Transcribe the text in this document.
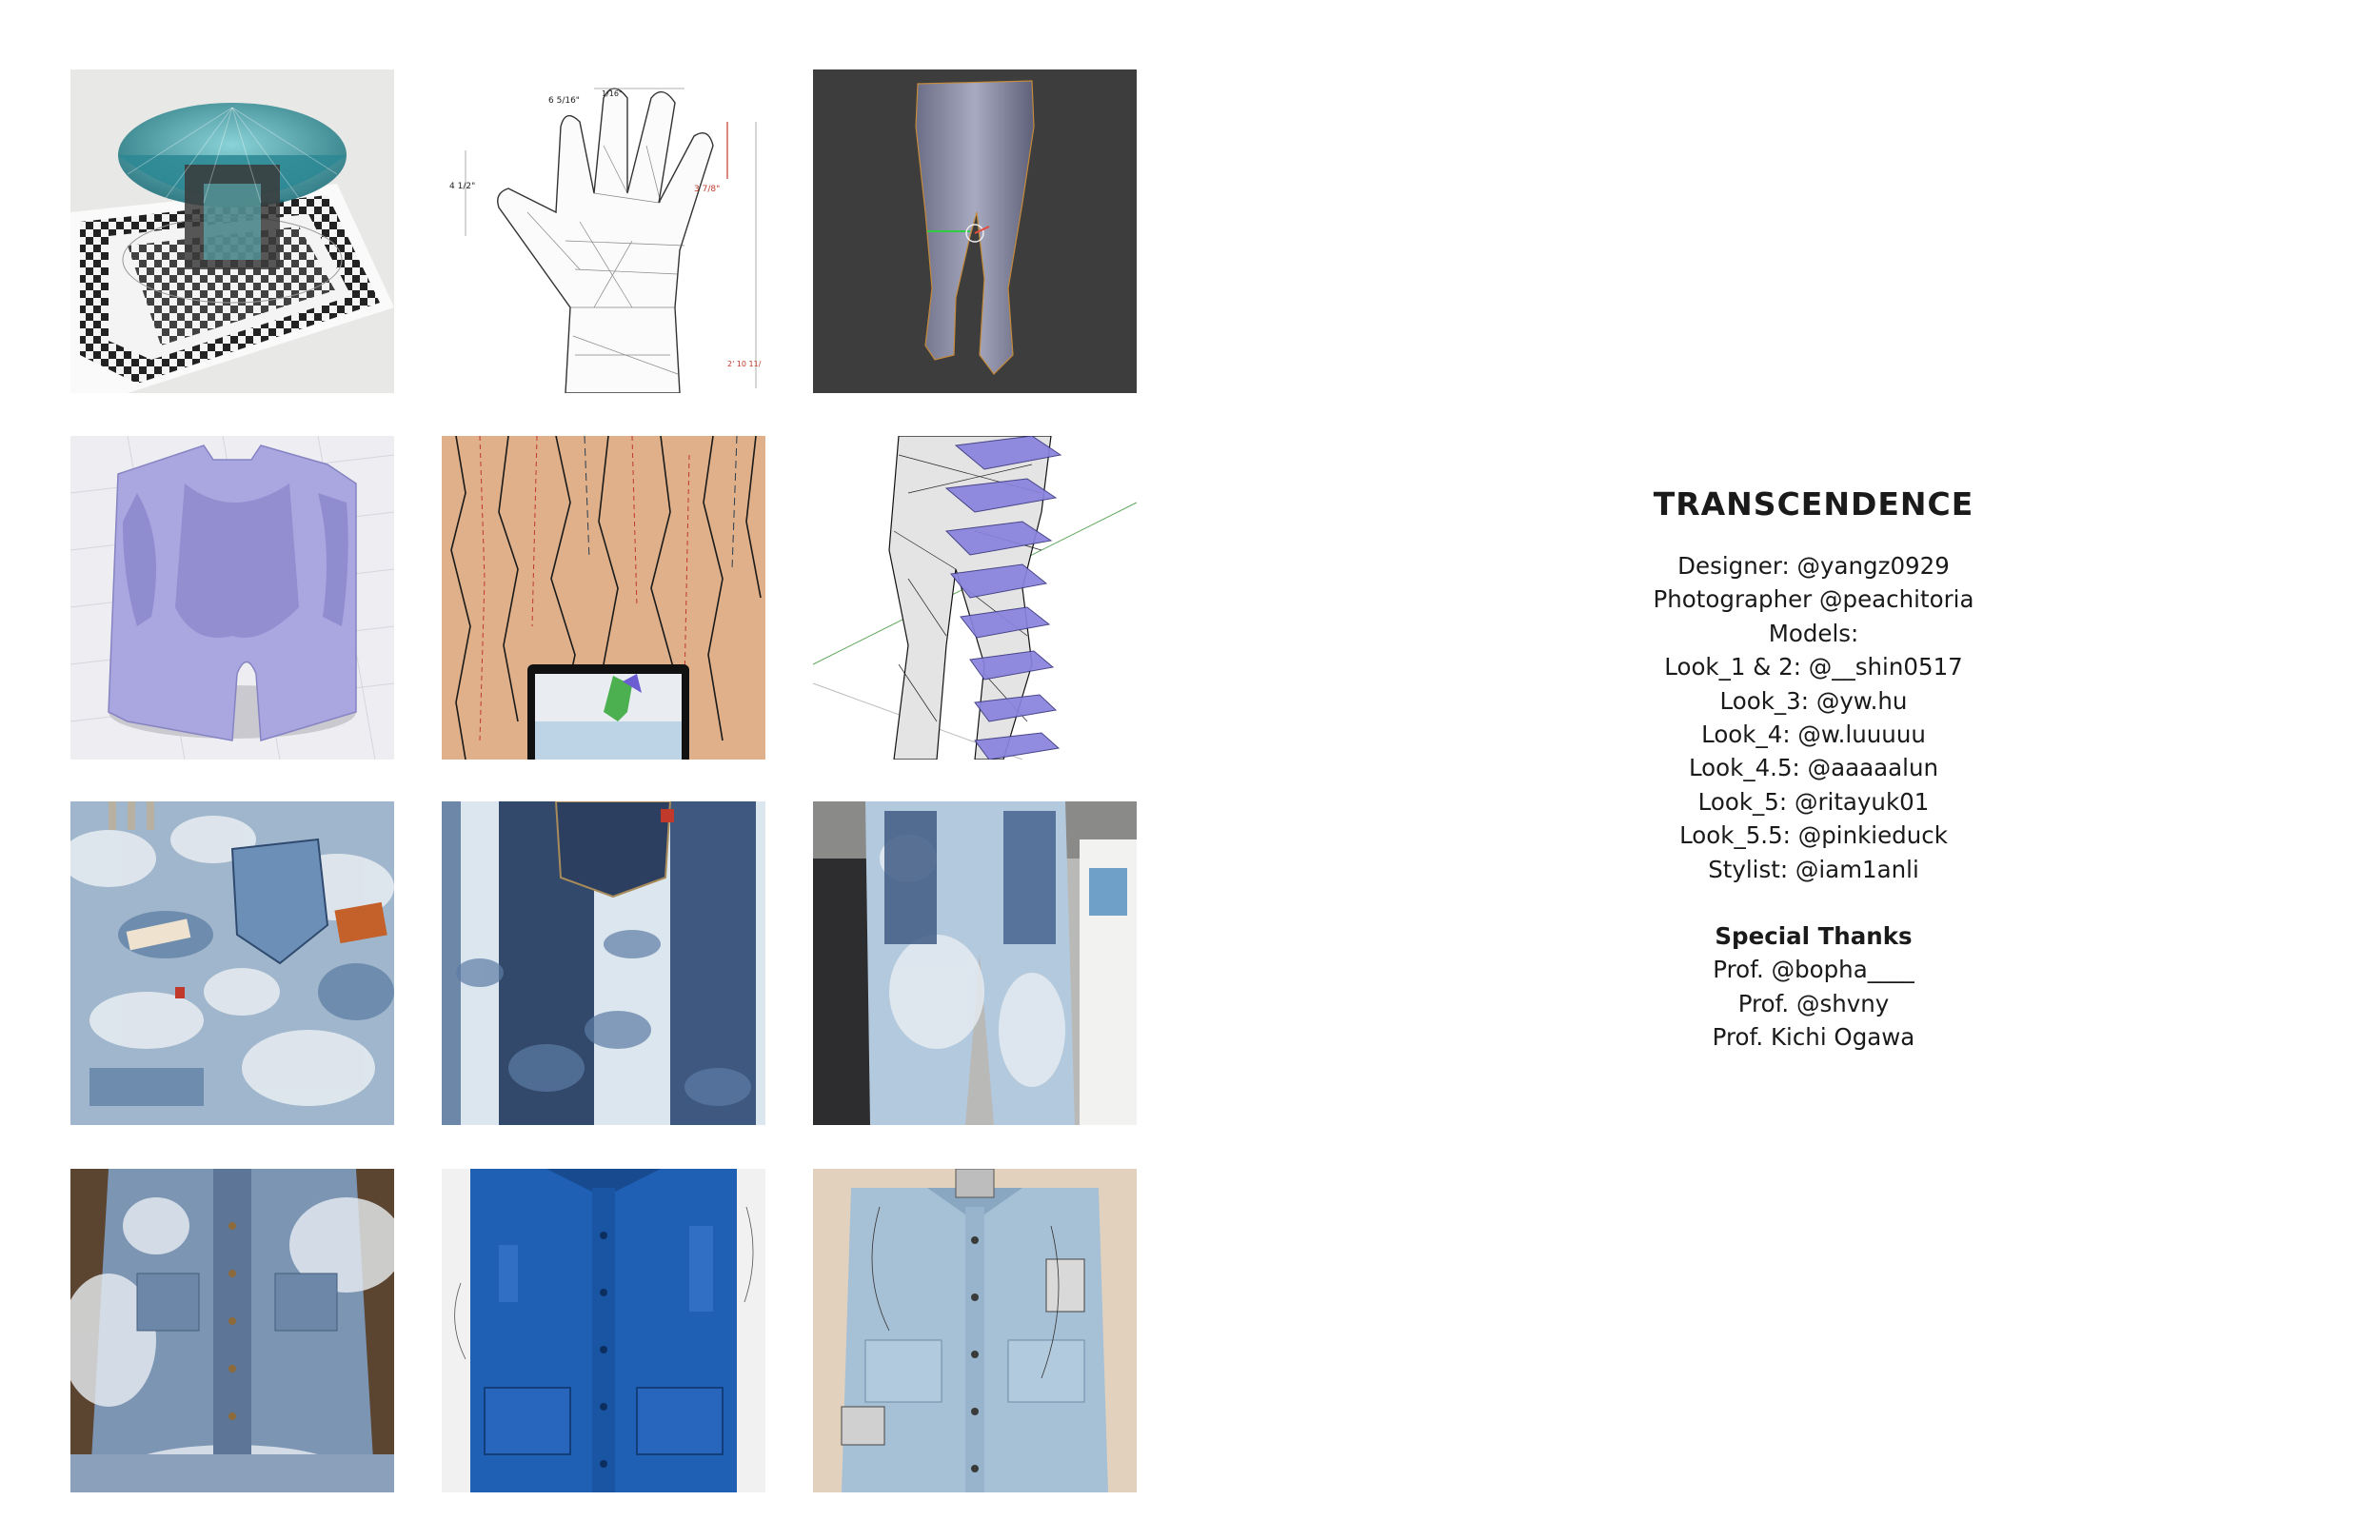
6 5/16"
1/16"
4 1/2"	3 7/8"
2' 10 11/
TRANSCENDENCE
Designer: @yangz0929
Photographer @peachitoria
Models:
Look_1 & 2: @__shin0517
Look_3: @yw.hu
Look_4: @w.luuuuu
Look_4.5: @aaaaalun
Look_5: @ritayuk01
Look_5.5: @pinkieduck
Stylist: @iam1anli
Special Thanks
Prof. @bopha____
Prof. @shvny
Prof. Kichi Ogawa
